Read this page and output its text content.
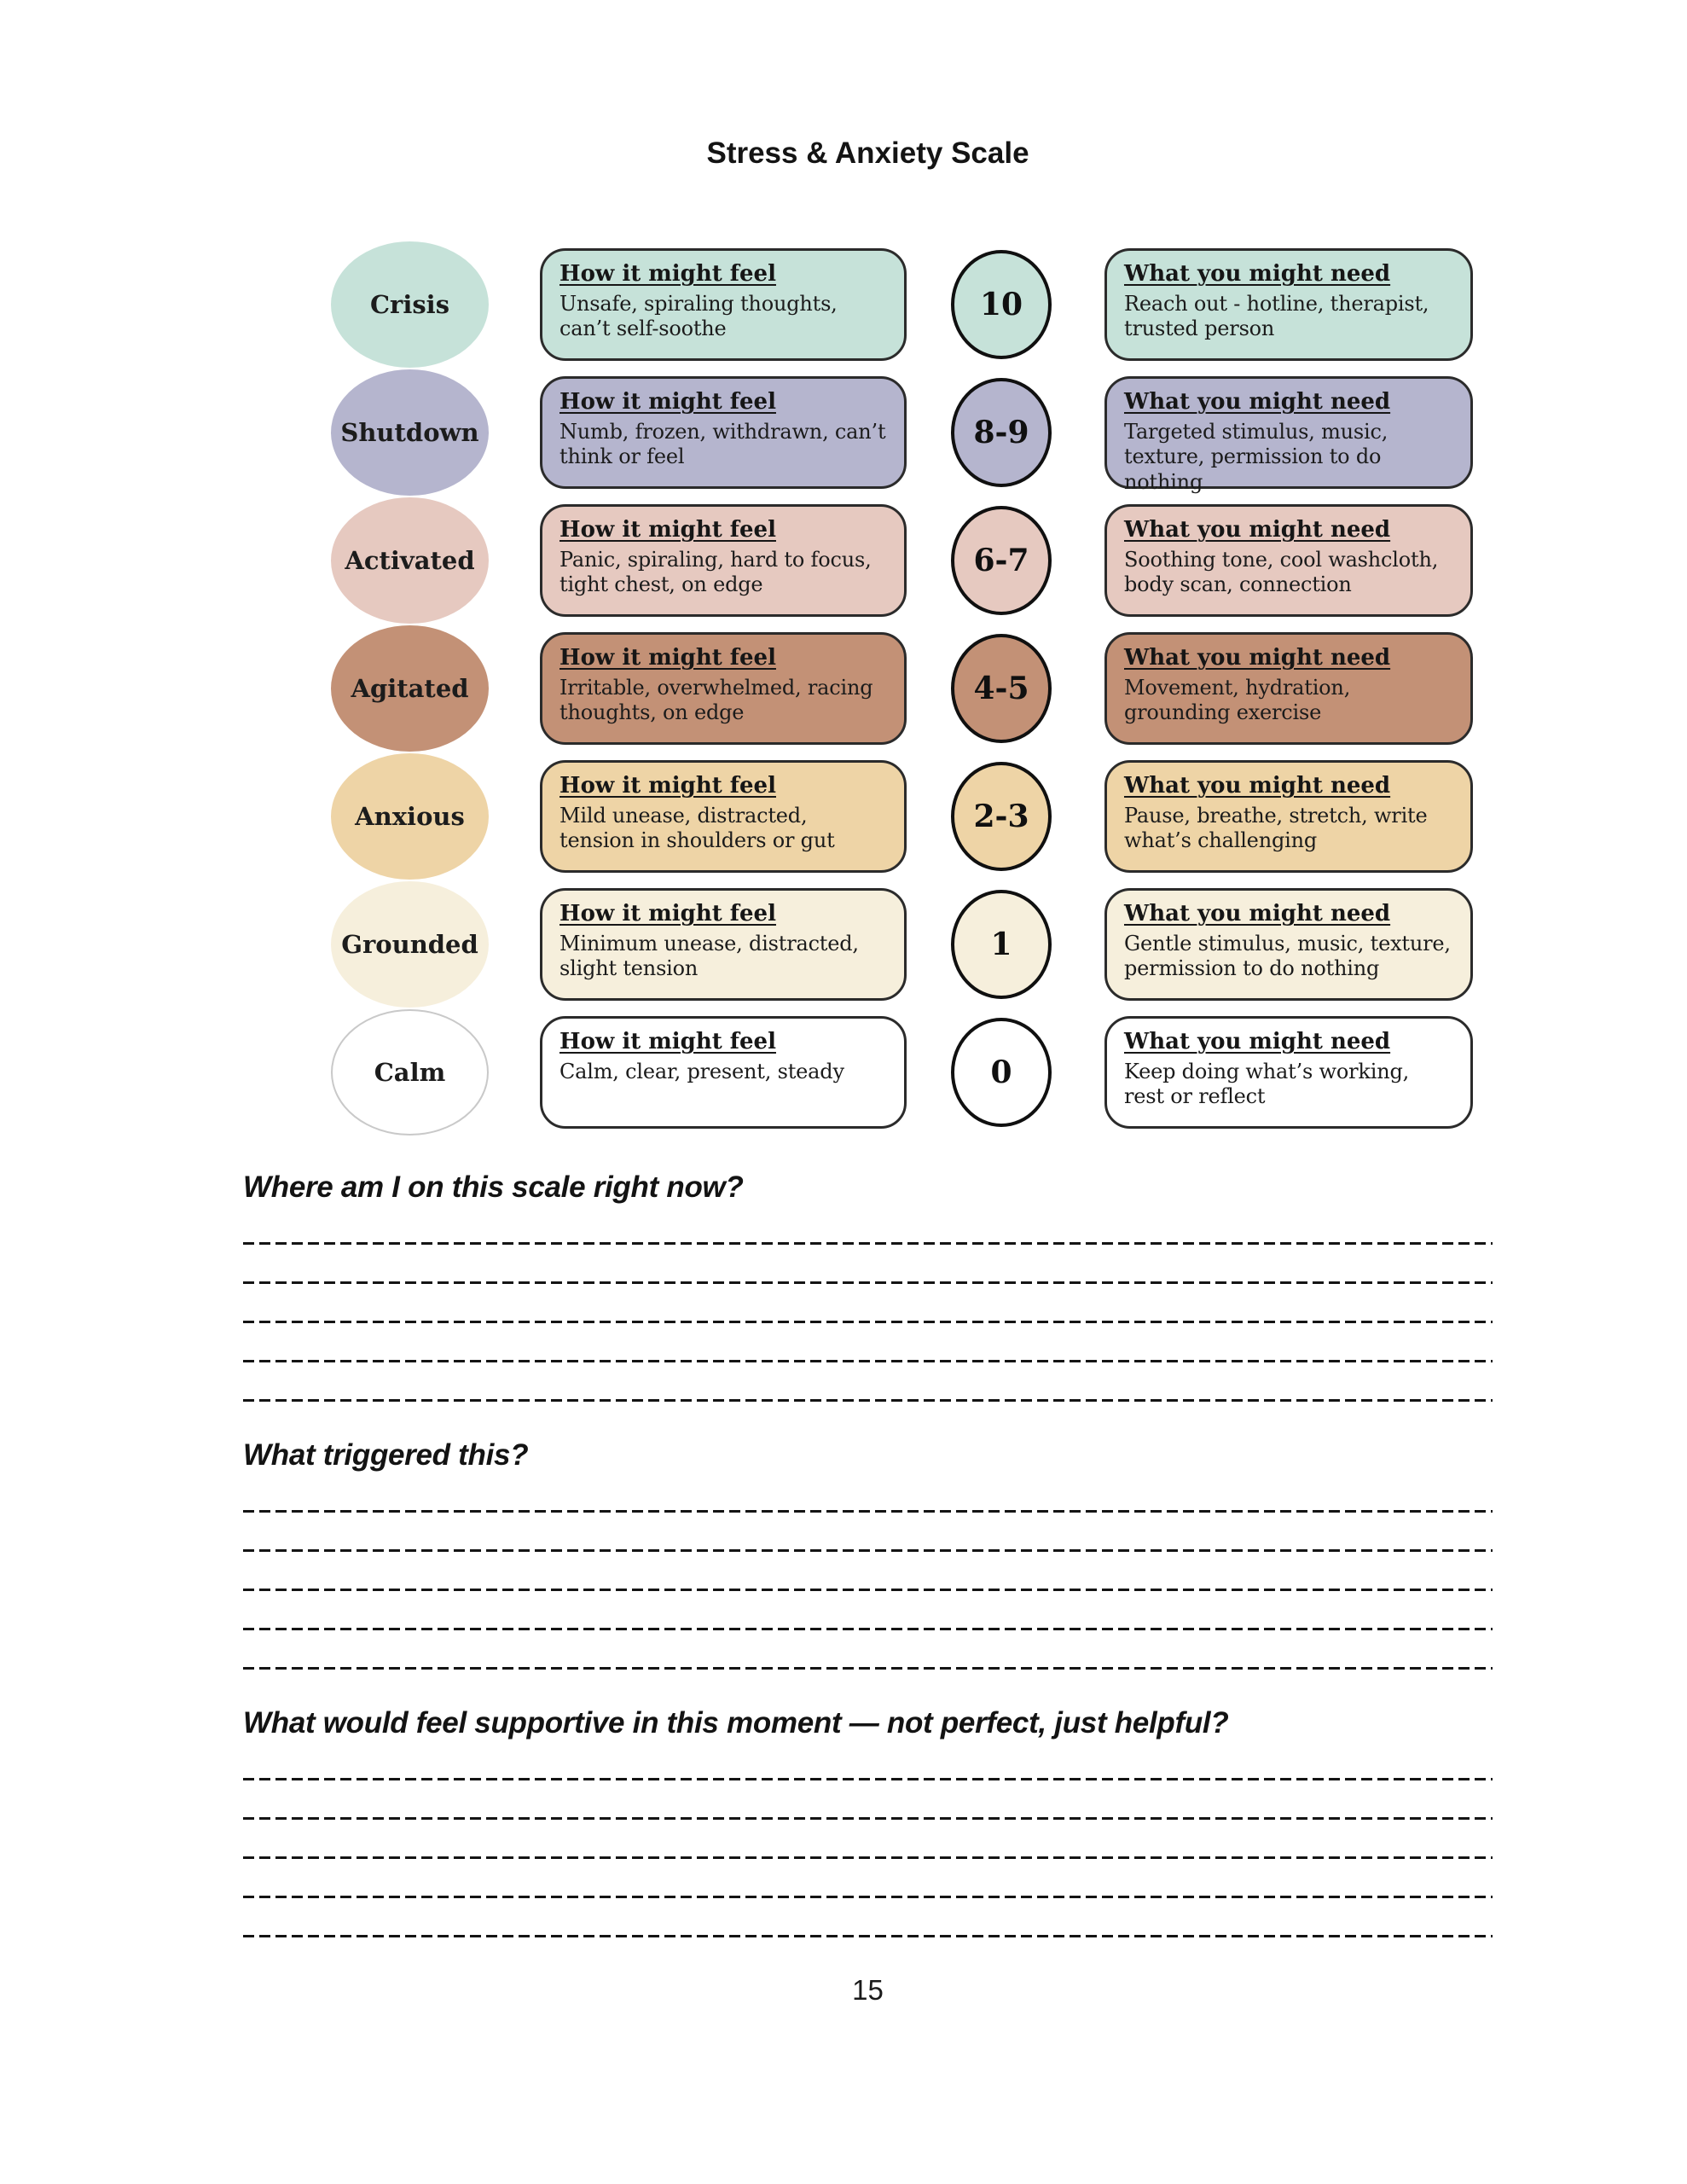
Stress & Anxiety Scale
Crisis
How it might feel
Unsafe, spiraling thoughts, can’t self-soothe
10
What you might need
Reach out - hotline, therapist, trusted person
Shutdown
How it might feel
Numb, frozen, withdrawn, can’t think or feel
8-9
What you might need
Targeted stimulus, music, texture, permission to do nothing
Activated
How it might feel
Panic, spiraling, hard to focus, tight chest, on edge
6-7
What you might need
Soothing tone, cool washcloth, body scan, connection
Agitated
How it might feel
Irritable, overwhelmed, racing thoughts, on edge
4-5
What you might need
Movement, hydration, grounding exercise
Anxious
How it might feel
Mild unease, distracted, tension in shoulders or gut
2-3
What you might need
Pause, breathe, stretch, write what’s challenging
Grounded
How it might feel
Minimum unease, distracted, slight tension
1
What you might need
Gentle stimulus, music, texture, permission to do nothing
Calm
How it might feel
Calm, clear, present, steady	0
What you might need
Keep doing what’s working, rest or reflect
Where am I on this scale right now?
What triggered this?
What would feel supportive in this moment — not perfect, just helpful?
15
